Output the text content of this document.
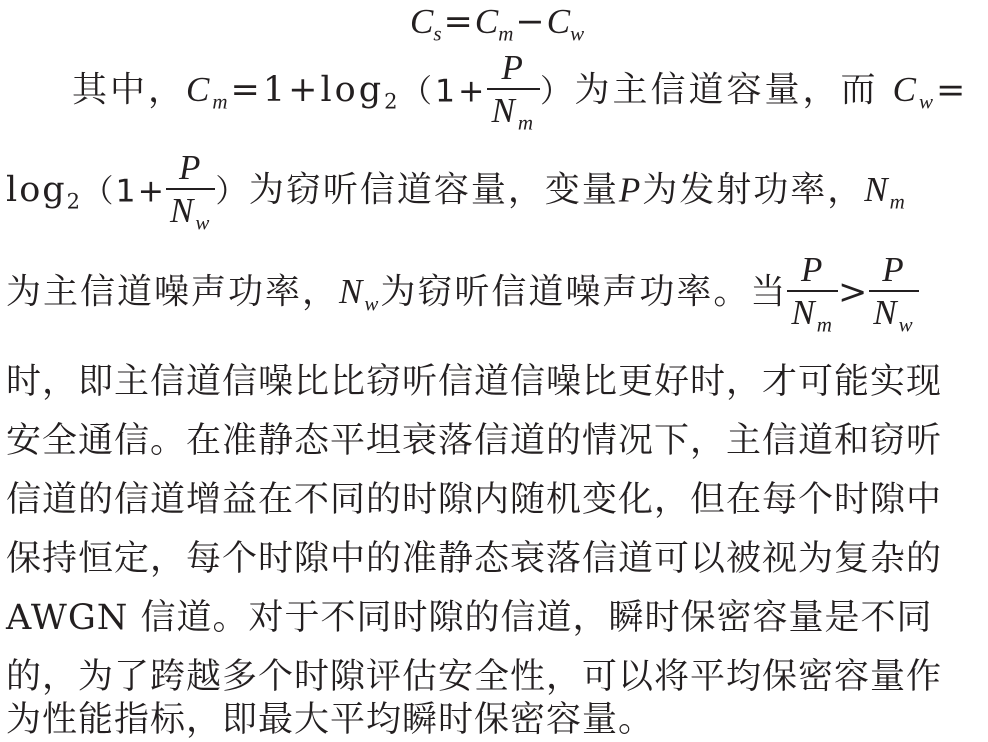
$C_s=C_m-C_w$
其中，$C_m=1+\log_2(1+ \frac{P}{N_m}$ ）为主信道容量，而 $C_w=$
$\log_2(1+ \frac{P}{N_w}$ ）为窃听信道容量，变量P为发射功率，$N_m$
为主信道噪声功率，$N_w$为窃听信道噪声功率。当 $\frac{P}{N_m} > \frac{P}{N_w}$
时，即主信道信噪比比窃听信道信噪比更好时，才可能实现
安全通信。在准静态平坦衰落信道的情况下，主信道和窃听
信道的信道增益在不同的时隙内随机变化，但在每个时隙中
保持恒定，每个时隙中的准静态衰落信道可以被视为复杂的
AWGN 信道。对于不同时隙的信道，瞬时保密容量是不同
的，为了跨越多个时隙评估安全性，可以将平均保密容量作
为性能指标，即最大平均瞬时保密容量。
